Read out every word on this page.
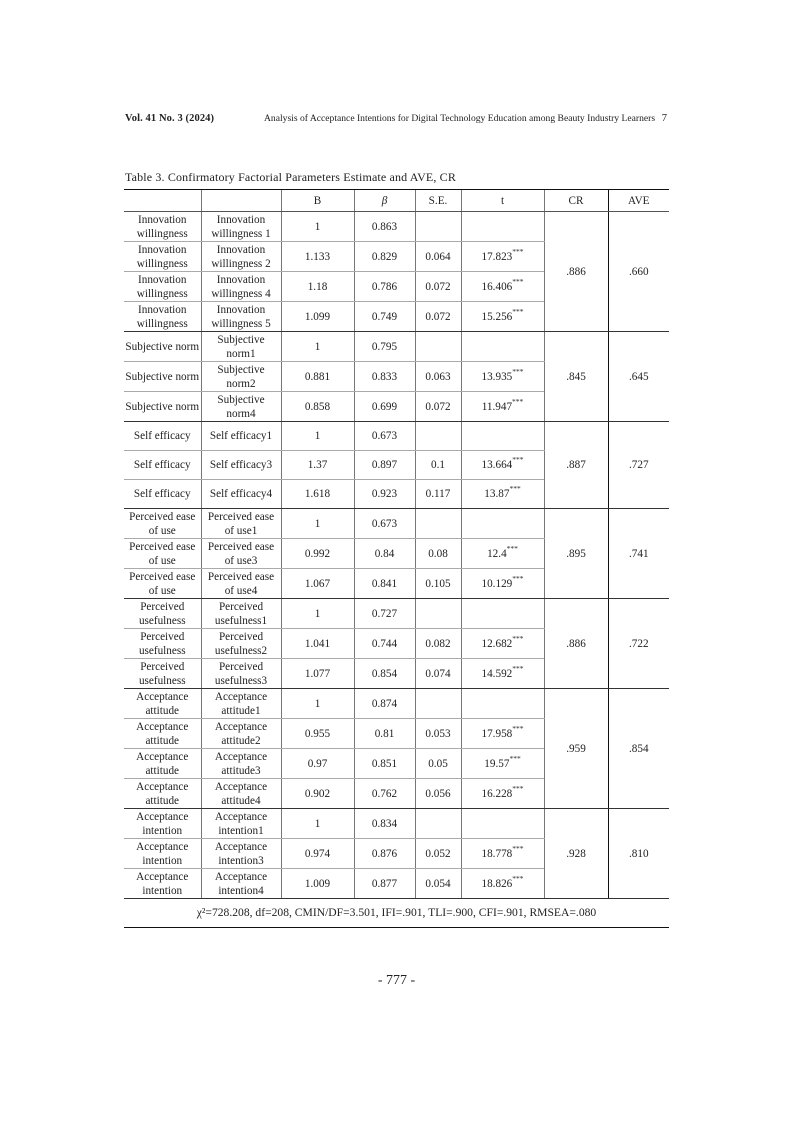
Vol. 41 No. 3 (2024)	Analysis of Acceptance Intentions for Digital Technology Education among Beauty Industry Learners 7
Table 3. Confirmatory Factorial Parameters Estimate and AVE, CR
		B	β	S.E.	t	CR	AVE
Innovation willingness	Innovation willingness 1	1	0.863			.886	.660
Innovation willingness	Innovation willingness 2	1.133	0.829	0.064	17.823***
Innovation willingness	Innovation willingness 4	1.18	0.786	0.072	16.406***
Innovation willingness	Innovation willingness 5	1.099	0.749	0.072	15.256***
Subjective norm	Subjective norm1	1	0.795			.845	.645
Subjective norm	Subjective norm2	0.881	0.833	0.063	13.935***
Subjective norm	Subjective norm4	0.858	0.699	0.072	11.947***
Self efficacy	Self efficacy1	1	0.673			.887	.727
Self efficacy	Self efficacy3	1.37	0.897	0.1	13.664***
Self efficacy	Self efficacy4	1.618	0.923	0.117	13.87***
Perceived ease of use	Perceived ease of use1	1	0.673			.895	.741
Perceived ease of use	Perceived ease of use3	0.992	0.84	0.08	12.4***
Perceived ease of use	Perceived ease of use4	1.067	0.841	0.105	10.129***
Perceived usefulness	Perceived usefulness1	1	0.727			.886	.722
Perceived usefulness	Perceived usefulness2	1.041	0.744	0.082	12.682***
Perceived usefulness	Perceived usefulness3	1.077	0.854	0.074	14.592***
Acceptance attitude	Acceptance attitude1	1	0.874			.959	.854
Acceptance attitude	Acceptance attitude2	0.955	0.81	0.053	17.958***
Acceptance attitude	Acceptance attitude3	0.97	0.851	0.05	19.57***
Acceptance attitude	Acceptance attitude4	0.902	0.762	0.056	16.228***
Acceptance intention	Acceptance intention1	1	0.834			.928	.810
Acceptance intention	Acceptance intention3	0.974	0.876	0.052	18.778***
Acceptance intention	Acceptance intention4	1.009	0.877	0.054	18.826***
χ²=728.208, df=208, CMIN/DF=3.501, IFI=.901, TLI=.900, CFI=.901, RMSEA=.080							
- 777 -
